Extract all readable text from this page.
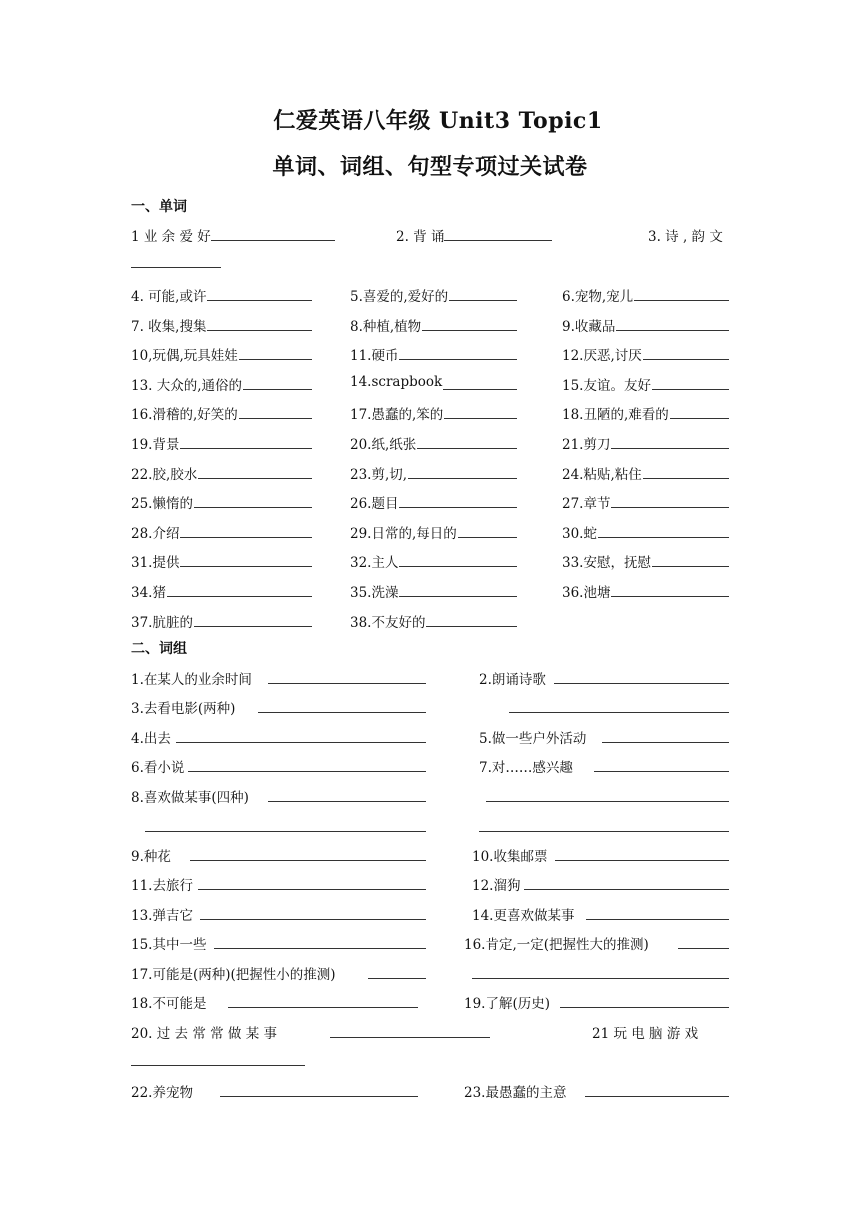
仁爱英语八年级 Unit3 Topic1
单词、词组、句型专项过关试卷
一、单词
1 业 余 爱 好	2. 背 诵	3. 诗 , 韵 文
4. 可能,或许	5.喜爱的,爱好的	6.宠物,宠儿
7. 收集,搜集	8.种植,植物	9.收藏品
10,玩偶,玩具娃娃	11.硬币	12.厌恶,讨厌
13. 大众的,通俗的	14.scrapbook	15.友谊。友好
16.滑稽的,好笑的	17.愚蠢的,笨的	18.丑陋的,难看的
19.背景	20.纸,纸张	21.剪刀
22.胶,胶水	23.剪,切,	24.粘贴,粘住
25.懒惰的	26.题目	27.章节
28.介绍	29.日常的,每日的	30.蛇
31.提供	32.主人	33.安慰，抚慰
34.猪	35.洗澡	36.池塘
37.肮脏的	38.不友好的
二、词组
1.在某人的业余时间	2.朗诵诗歌
3.去看电影(两种)
4.出去	5.做一些户外活动
6.看小说	7.对……感兴趣
8.喜欢做某事(四种)
9.种花	10.收集邮票
11.去旅行	12.溜狗
13.弹吉它	14.更喜欢做某事
15.其中一些	16.肯定,一定(把握性大的推测)
17.可能是(两种)(把握性小的推测)
18.不可能是	19.了解(历史)
20. 过 去 常 常 做 某 事	21 玩 电 脑 游 戏
22.养宠物	23.最愚蠢的主意
